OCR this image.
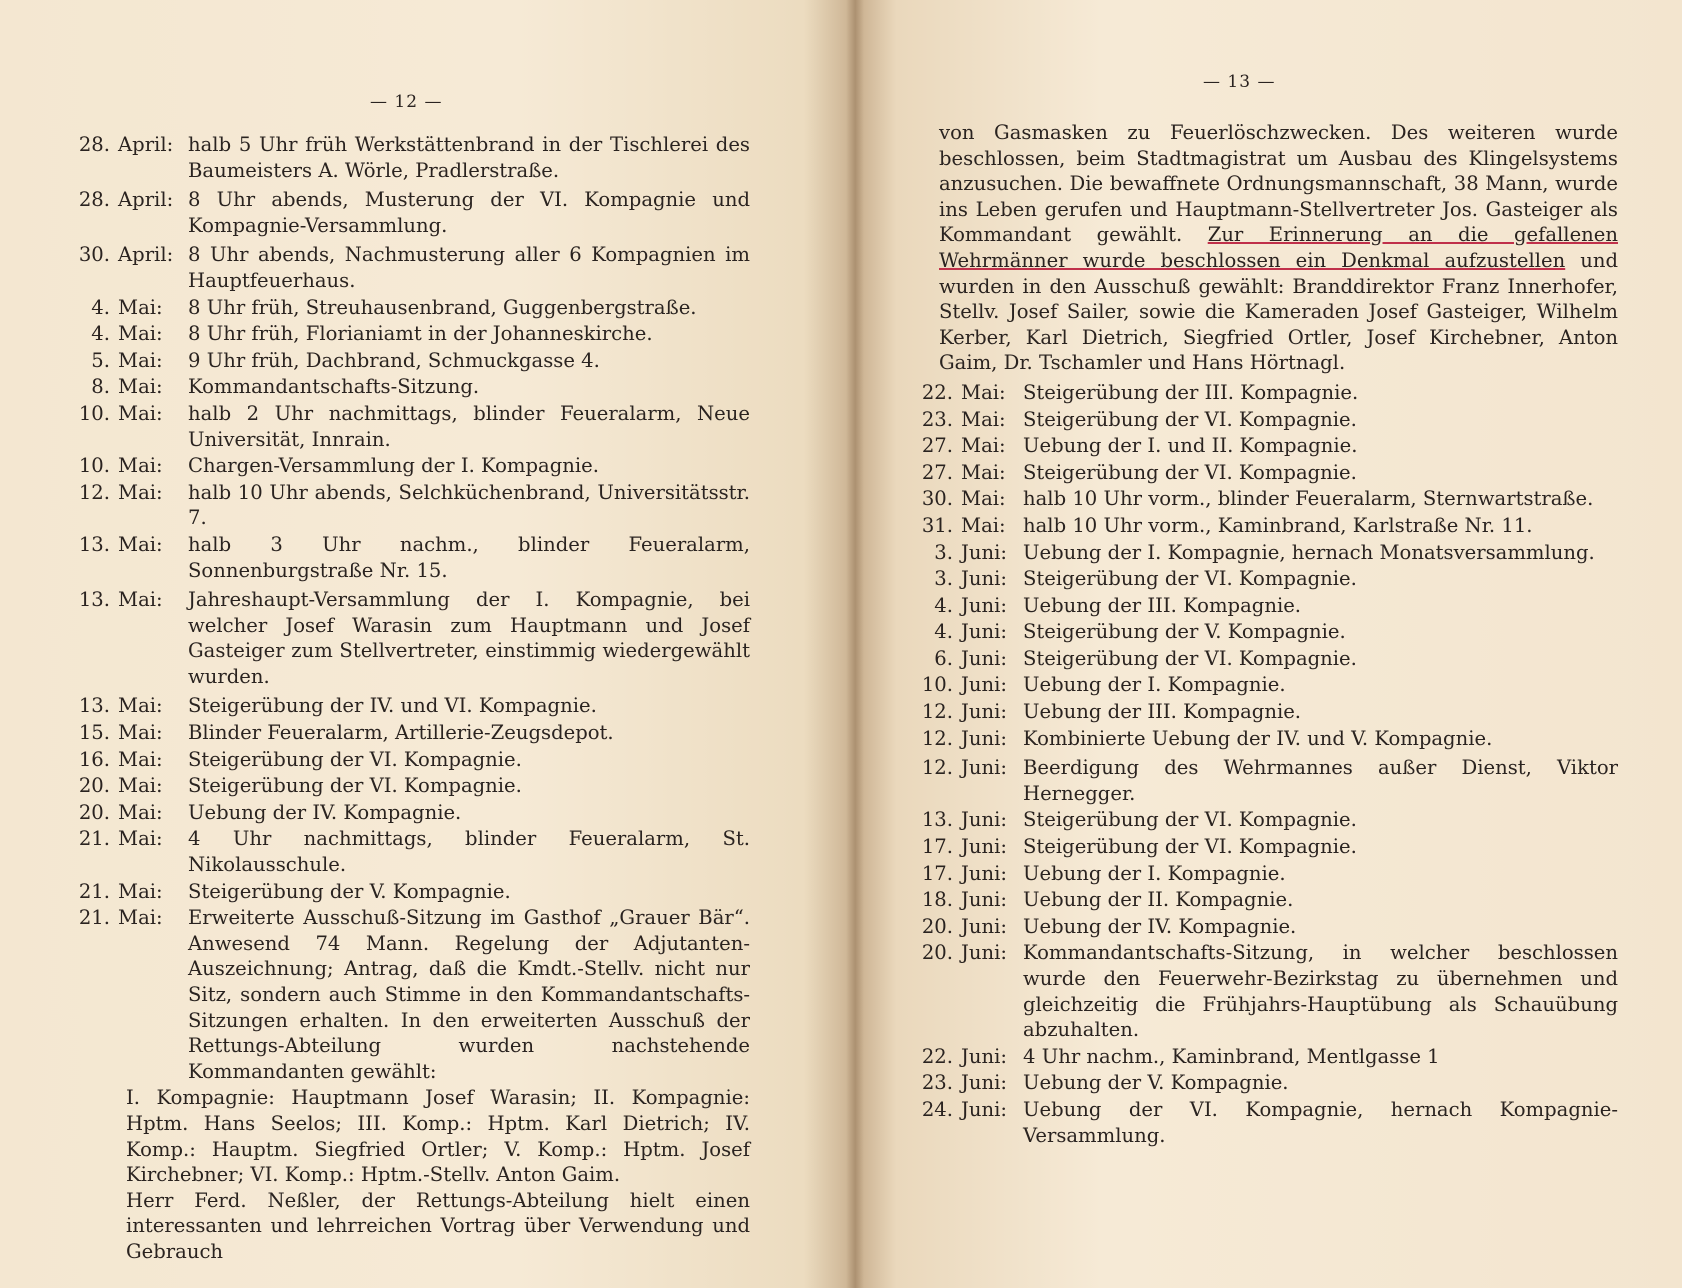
— 12 —
28. April: halb 5 Uhr früh Werkstättenbrand in der Tischlerei des Baumeisters A. Wörle, Pradlerstraße.
28. April: 8 Uhr abends, Musterung der VI. Kompagnie und Kompagnie-Versammlung.
30. April: 8 Uhr abends, Nachmusterung aller 6 Kompagnien im Hauptfeuerhaus.
4. Mai:	8 Uhr früh, Streuhausenbrand, Guggenbergstraße.
4. Mai:	8 Uhr früh, Florianiamt in der Johanneskirche.
5. Mai:	9 Uhr früh, Dachbrand, Schmuckgasse 4.
8. Mai:	Kommandantschafts-Sitzung.
10. Mai:	halb 2 Uhr nachmittags, blinder Feueralarm, Neue Universität, Innrain.
10. Mai:	Chargen-Versammlung der I. Kompagnie.
12. Mai:	halb 10 Uhr abends, Selchküchenbrand, Universitätsstr. 7.
13. Mai:	halb 3 Uhr nachm., blinder Feueralarm, Sonnenburgstraße Nr. 15.
13. Mai:	Jahreshaupt-Versammlung der I. Kompagnie, bei welcher Josef Warasin zum Hauptmann und Josef Gasteiger zum Stellvertreter, einstimmig wiedergewählt wurden.
13. Mai:	Steigerübung der IV. und VI. Kompagnie.
15. Mai:	Blinder Feueralarm, Artillerie-Zeugsdepot.
16. Mai:	Steigerübung der VI. Kompagnie.
20. Mai:	Steigerübung der VI. Kompagnie.
20. Mai:	Uebung der IV. Kompagnie.
21. Mai:	4 Uhr nachmittags, blinder Feueralarm, St. Nikolausschule.
21. Mai:	Steigerübung der V. Kompagnie.
21. Mai:	Erweiterte Ausschuß-Sitzung im Gasthof „Grauer Bär“. Anwesend 74 Mann. Regelung der Adjutanten-Auszeichnung; Antrag, daß die Kmdt.-Stellv. nicht nur Sitz, sondern auch Stimme in den Kommandantschafts-Sitzungen erhalten. In den erweiterten Ausschuß der Rettungs-Abteilung wurden nachstehende Kommandanten gewählt:
I. Kompagnie: Hauptmann Josef Warasin; II. Kompagnie: Hptm. Hans Seelos; III. Komp.: Hptm. Karl Dietrich; IV. Komp.: Hauptm. Siegfried Ortler; V. Komp.: Hptm. Josef Kirchebner; VI. Komp.: Hptm.-Stellv. Anton Gaim.
Herr Ferd. Neßler, der Rettungs-Abteilung hielt einen interessanten und lehrreichen Vortrag über Verwendung und Gebrauch
— 13 —
von Gasmasken zu Feuerlöschzwecken. Des weiteren wurde beschlossen, beim Stadtmagistrat um Ausbau des Klingelsystems anzusuchen. Die bewaffnete Ordnungsmannschaft, 38 Mann, wurde ins Leben gerufen und Hauptmann-Stellvertreter Jos. Gasteiger als Kommandant gewählt. Zur Erinnerung an die gefallenen Wehrmänner wurde beschlossen ein Denkmal aufzustellen und wurden in den Ausschuß gewählt: Branddirektor Franz Innerhofer, Stellv. Josef Sailer, sowie die Kameraden Josef Gasteiger, Wilhelm Kerber, Karl Dietrich, Siegfried Ortler, Josef Kirchebner, Anton Gaim, Dr. Tschamler und Hans Hörtnagl.
22. Mai: Steigerübung der III. Kompagnie.
23. Mai: Steigerübung der VI. Kompagnie.
27. Mai: Uebung der I. und II. Kompagnie.
27. Mai: Steigerübung der VI. Kompagnie.
30. Mai: halb 10 Uhr vorm., blinder Feueralarm, Sternwartstraße.
31. Mai: halb 10 Uhr vorm., Kaminbrand, Karlstraße Nr. 11.
3. Juni: Uebung der I. Kompagnie, hernach Monatsversammlung.
3. Juni: Steigerübung der VI. Kompagnie.
4. Juni: Uebung der III. Kompagnie.
4. Juni: Steigerübung der V. Kompagnie.
6. Juni: Steigerübung der VI. Kompagnie.
10. Juni: Uebung der I. Kompagnie.
12. Juni: Uebung der III. Kompagnie.
12. Juni: Kombinierte Uebung der IV. und V. Kompagnie.
12. Juni: Beerdigung des Wehrmannes außer Dienst, Viktor Hernegger.
13. Juni: Steigerübung der VI. Kompagnie.
17. Juni: Steigerübung der VI. Kompagnie.
17. Juni: Uebung der I. Kompagnie.
18. Juni: Uebung der II. Kompagnie.
20. Juni: Uebung der IV. Kompagnie.
20. Juni: Kommandantschafts-Sitzung, in welcher beschlossen wurde den Feuerwehr-Bezirkstag zu übernehmen und gleichzeitig die Frühjahrs-Hauptübung als Schauübung abzuhalten.
22. Juni: 4 Uhr nachm., Kaminbrand, Mentlgasse 1
23. Juni: Uebung der V. Kompagnie.
24. Juni: Uebung der VI. Kompagnie, hernach Kompagnie-Versammlung.
